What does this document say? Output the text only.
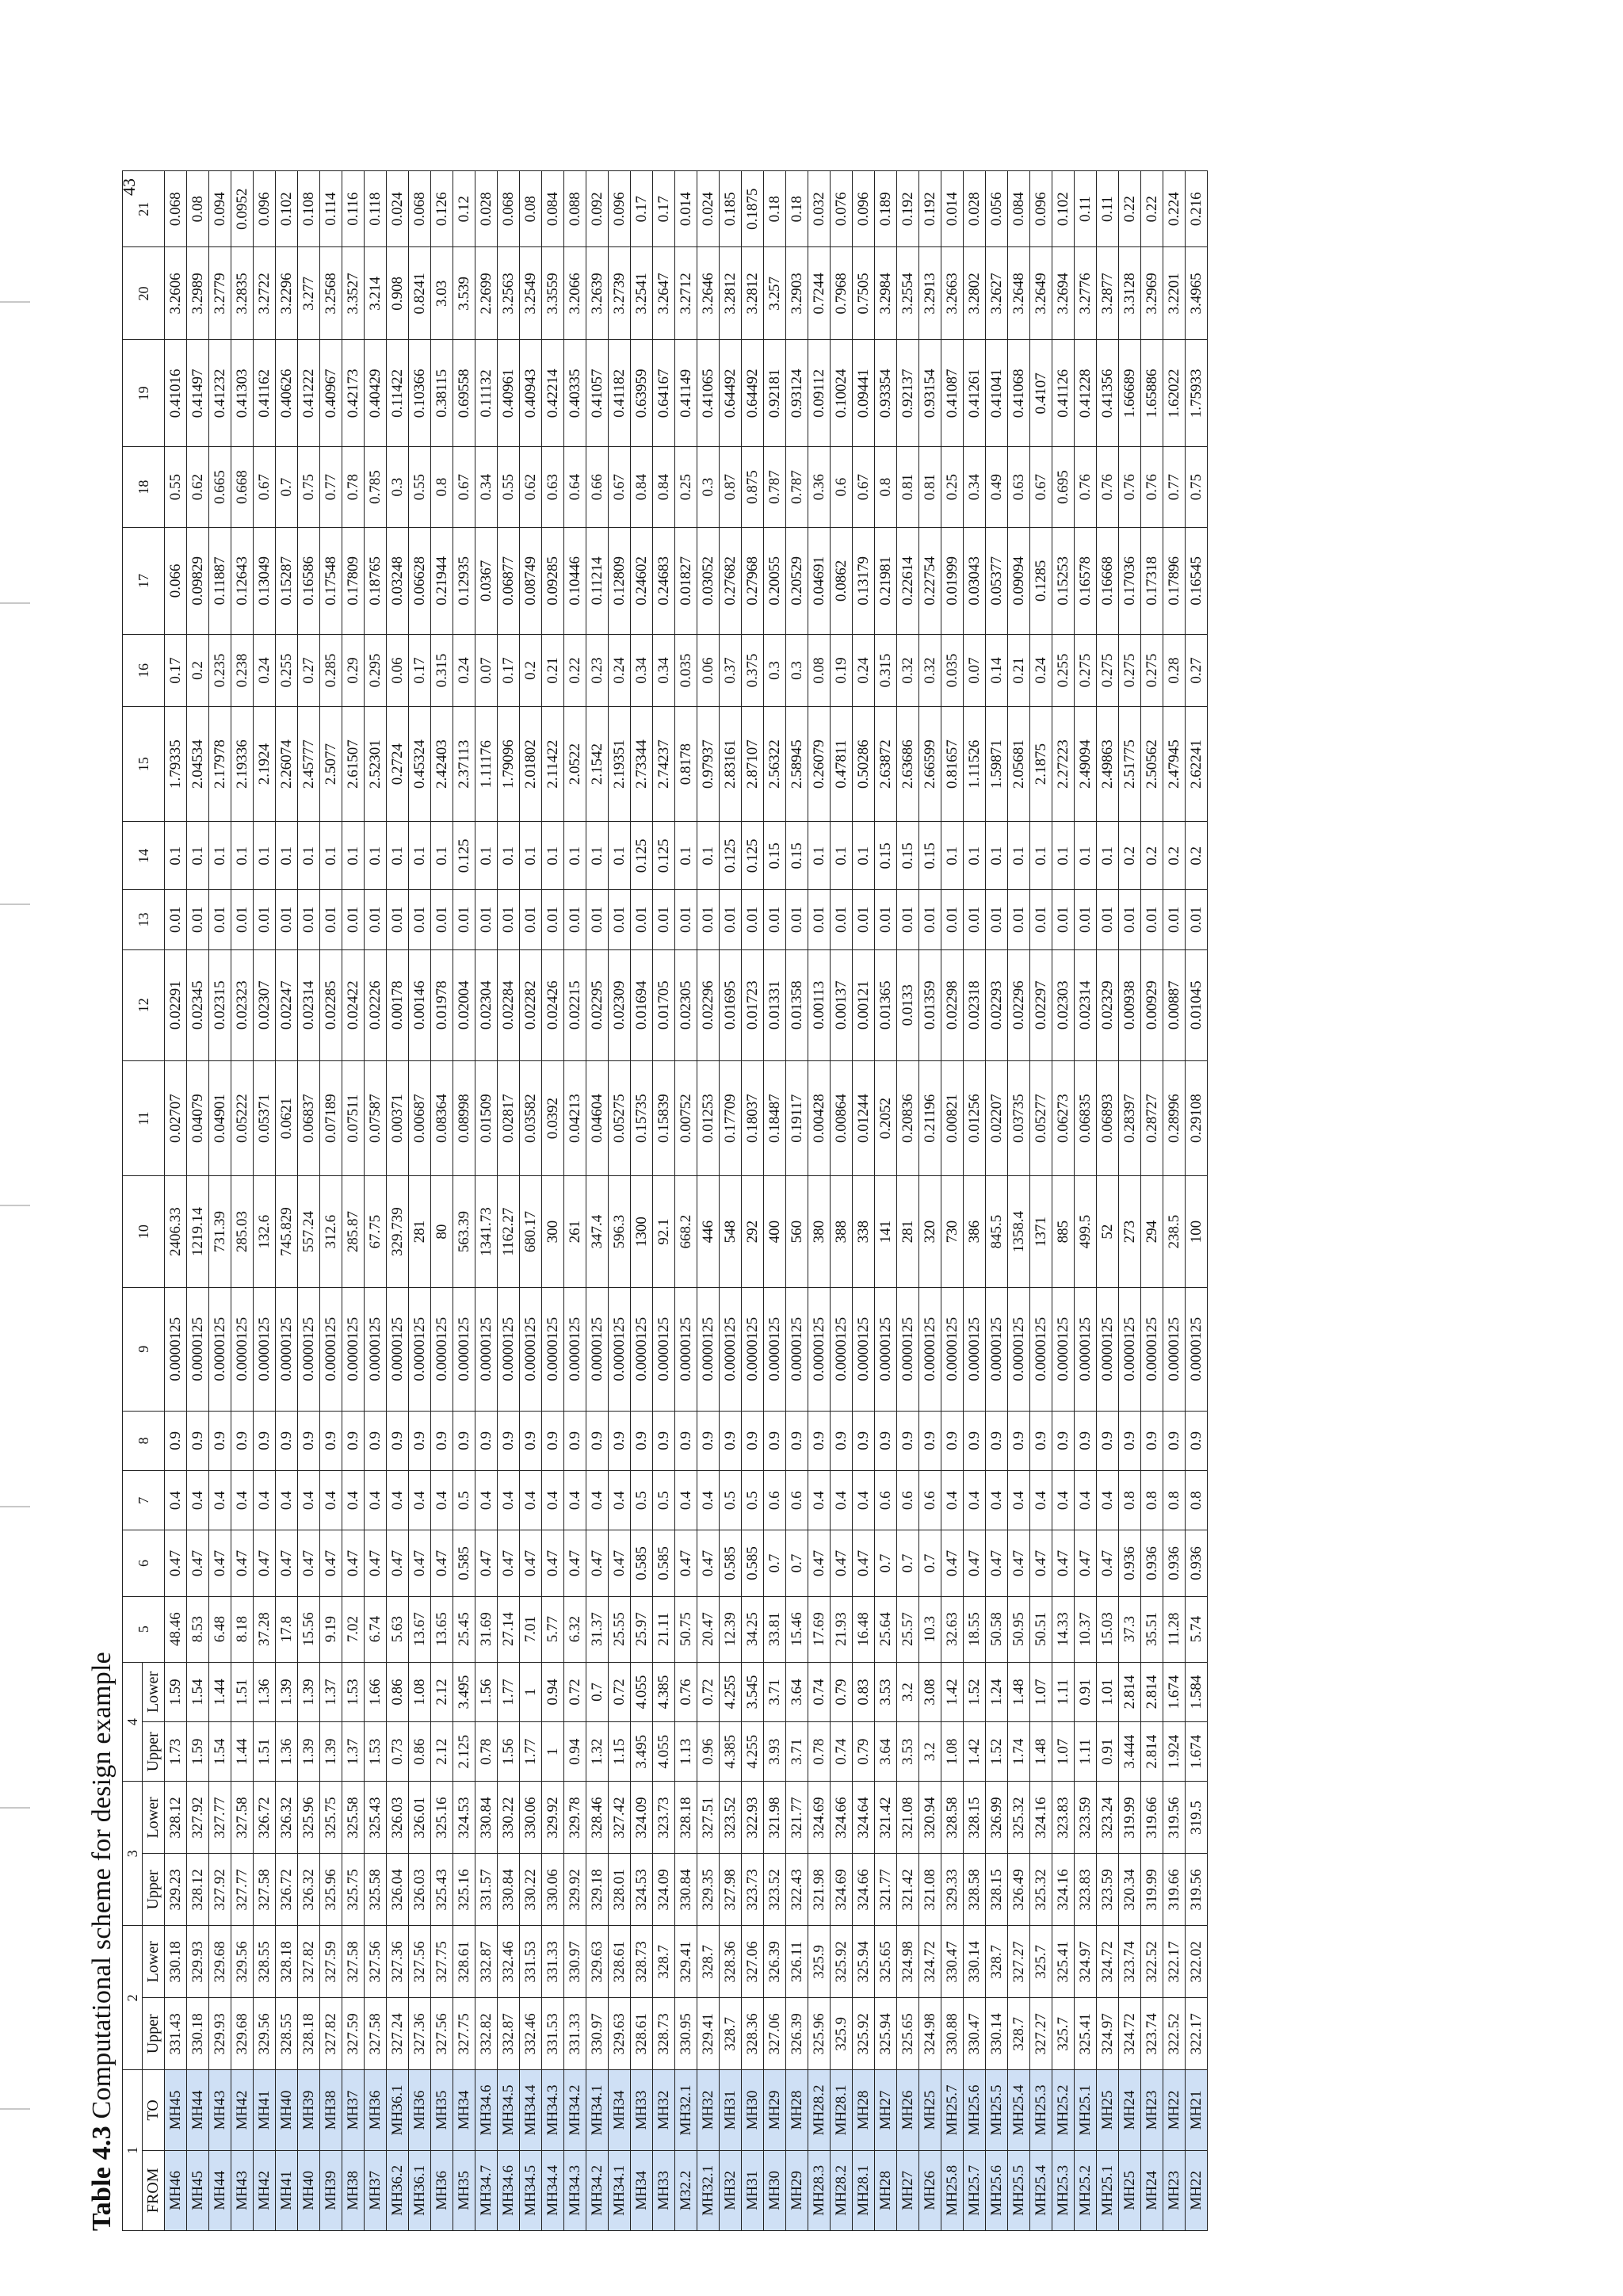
Table 4.3 Computational scheme for design example
1		2		3		4		5	6	7	8	9	10	11	12	13	14	15	16	17	18	19	20	21
FROM	TO	Upper	Lower	Upper	Lower	Upper	Lower																	
MH46	MH45	331.43	330.18	329.23	328.12	1.73	1.59	48.46	0.47	0.4	0.9	0.0000125	2406.33	0.02707	0.02291	0.01	0.1	1.79335	0.17	0.066	0.55	0.41016	3.2606	0.068
MH45	MH44	330.18	329.93	328.12	327.92	1.59	1.54	8.53	0.47	0.4	0.9	0.0000125	1219.14	0.04079	0.02345	0.01	0.1	2.04534	0.2	0.09829	0.62	0.41497	3.2989	0.08
MH44	MH43	329.93	329.68	327.92	327.77	1.54	1.44	6.48	0.47	0.4	0.9	0.0000125	731.39	0.04901	0.02315	0.01	0.1	2.17978	0.235	0.11887	0.665	0.41232	3.2779	0.094
MH43	MH42	329.68	329.56	327.77	327.58	1.44	1.51	8.18	0.47	0.4	0.9	0.0000125	285.03	0.05222	0.02323	0.01	0.1	2.19336	0.238	0.12643	0.668	0.41303	3.2835	0.0952
MH42	MH41	329.56	328.55	327.58	326.72	1.51	1.36	37.28	0.47	0.4	0.9	0.0000125	132.6	0.05371	0.02307	0.01	0.1	2.1924	0.24	0.13049	0.67	0.41162	3.2722	0.096
MH41	MH40	328.55	328.18	326.72	326.32	1.36	1.39	17.8	0.47	0.4	0.9	0.0000125	745.829	0.0621	0.02247	0.01	0.1	2.26074	0.255	0.15287	0.7	0.40626	3.2296	0.102
MH40	MH39	328.18	327.82	326.32	325.96	1.39	1.39	15.56	0.47	0.4	0.9	0.0000125	557.24	0.06837	0.02314	0.01	0.1	2.45777	0.27	0.16586	0.75	0.41222	3.277	0.108
MH39	MH38	327.82	327.59	325.96	325.75	1.39	1.37	9.19	0.47	0.4	0.9	0.0000125	312.6	0.07189	0.02285	0.01	0.1	2.5077	0.285	0.17548	0.77	0.40967	3.2568	0.114
MH38	MH37	327.59	327.58	325.75	325.58	1.37	1.53	7.02	0.47	0.4	0.9	0.0000125	285.87	0.07511	0.02422	0.01	0.1	2.61507	0.29	0.17809	0.78	0.42173	3.3527	0.116
MH37	MH36	327.58	327.56	325.58	325.43	1.53	1.66	6.74	0.47	0.4	0.9	0.0000125	67.75	0.07587	0.02226	0.01	0.1	2.52301	0.295	0.18765	0.785	0.40429	3.214	0.118
MH36.2	MH36.1	327.24	327.36	326.04	326.03	0.73	0.86	5.63	0.47	0.4	0.9	0.0000125	329.739	0.00371	0.00178	0.01	0.1	0.2724	0.06	0.03248	0.3	0.11422	0.908	0.024
MH36.1	MH36	327.36	327.56	326.03	326.01	0.86	1.08	13.67	0.47	0.4	0.9	0.0000125	281	0.00687	0.00146	0.01	0.1	0.45324	0.17	0.06628	0.55	0.10366	0.8241	0.068
MH36	MH35	327.56	327.75	325.43	325.16	2.12	2.12	13.65	0.47	0.4	0.9	0.0000125	80	0.08364	0.01978	0.01	0.1	2.42403	0.315	0.21944	0.8	0.38115	3.03	0.126
MH35	MH34	327.75	328.61	325.16	324.53	2.125	3.495	25.45	0.585	0.5	0.9	0.0000125	563.39	0.08998	0.02004	0.01	0.125	2.37113	0.24	0.12935	0.67	0.69558	3.539	0.12
MH34.7	MH34.6	332.82	332.87	331.57	330.84	0.78	1.56	31.69	0.47	0.4	0.9	0.0000125	1341.73	0.01509	0.02304	0.01	0.1	1.11176	0.07	0.0367	0.34	0.11132	2.2699	0.028
MH34.6	MH34.5	332.87	332.46	330.84	330.22	1.56	1.77	27.14	0.47	0.4	0.9	0.0000125	1162.27	0.02817	0.02284	0.01	0.1	1.79096	0.17	0.06877	0.55	0.40961	3.2563	0.068
MH34.5	MH34.4	332.46	331.53	330.22	330.06	1.77	1	7.01	0.47	0.4	0.9	0.0000125	680.17	0.03582	0.02282	0.01	0.1	2.01802	0.2	0.08749	0.62	0.40943	3.2549	0.08
MH34.4	MH34.3	331.53	331.33	330.06	329.92	1	0.94	5.77	0.47	0.4	0.9	0.0000125	300	0.0392	0.02426	0.01	0.1	2.11422	0.21	0.09285	0.63	0.42214	3.3559	0.084
MH34.3	MH34.2	331.33	330.97	329.92	329.78	0.94	0.72	6.32	0.47	0.4	0.9	0.0000125	261	0.04213	0.02215	0.01	0.1	2.0522	0.22	0.10446	0.64	0.40335	3.2066	0.088
MH34.2	MH34.1	330.97	329.63	329.18	328.46	1.32	0.7	31.37	0.47	0.4	0.9	0.0000125	347.4	0.04604	0.02295	0.01	0.1	2.1542	0.23	0.11214	0.66	0.41057	3.2639	0.092
MH34.1	MH34	329.63	328.61	328.01	327.42	1.15	0.72	25.55	0.47	0.4	0.9	0.0000125	596.3	0.05275	0.02309	0.01	0.1	2.19351	0.24	0.12809	0.67	0.41182	3.2739	0.096
MH34	MH33	328.61	328.73	324.53	324.09	3.495	4.055	25.97	0.585	0.5	0.9	0.0000125	1300	0.15735	0.01694	0.01	0.125	2.73344	0.34	0.24602	0.84	0.63959	3.2541	0.17
MH33	MH32	328.73	328.7	324.09	323.73	4.055	4.385	21.11	0.585	0.5	0.9	0.0000125	92.1	0.15839	0.01705	0.01	0.125	2.74237	0.34	0.24683	0.84	0.64167	3.2647	0.17
M32.2	MH32.1	330.95	329.41	330.84	328.18	1.13	0.76	50.75	0.47	0.4	0.9	0.0000125	668.2	0.00752	0.02305	0.01	0.1	0.8178	0.035	0.01827	0.25	0.41149	3.2712	0.014
MH32.1	MH32	329.41	328.7	329.35	327.51	0.96	0.72	20.47	0.47	0.4	0.9	0.0000125	446	0.01253	0.02296	0.01	0.1	0.97937	0.06	0.03052	0.3	0.41065	3.2646	0.024
MH32	MH31	328.7	328.36	327.98	323.52	4.385	4.255	12.39	0.585	0.5	0.9	0.0000125	548	0.17709	0.01695	0.01	0.125	2.83161	0.37	0.27682	0.87	0.64492	3.2812	0.185
MH31	MH30	328.36	327.06	323.73	322.93	4.255	3.545	34.25	0.585	0.5	0.9	0.0000125	292	0.18037	0.01723	0.01	0.125	2.87107	0.375	0.27968	0.875	0.64492	3.2812	0.1875
MH30	MH29	327.06	326.39	323.52	321.98	3.93	3.71	33.81	0.7	0.6	0.9	0.0000125	400	0.18487	0.01331	0.01	0.15	2.56322	0.3	0.20055	0.787	0.92181	3.257	0.18
MH29	MH28	326.39	326.11	322.43	321.77	3.71	3.64	15.46	0.7	0.6	0.9	0.0000125	560	0.19117	0.01358	0.01	0.15	2.58945	0.3	0.20529	0.787	0.93124	3.2903	0.18
MH28.3	MH28.2	325.96	325.9	321.98	324.69	0.78	0.74	17.69	0.47	0.4	0.9	0.0000125	380	0.00428	0.00113	0.01	0.1	0.26079	0.08	0.04691	0.36	0.09112	0.7244	0.032
MH28.2	MH28.1	325.9	325.92	324.69	324.66	0.74	0.79	21.93	0.47	0.4	0.9	0.0000125	388	0.00864	0.00137	0.01	0.1	0.47811	0.19	0.0862	0.6	0.10024	0.7968	0.076
MH28.1	MH28	325.92	325.94	324.66	324.64	0.79	0.83	16.48	0.47	0.4	0.9	0.0000125	338	0.01244	0.00121	0.01	0.1	0.50286	0.24	0.13179	0.67	0.09441	0.7505	0.096
MH28	MH27	325.94	325.65	321.77	321.42	3.64	3.53	25.64	0.7	0.6	0.9	0.0000125	141	0.2052	0.01365	0.01	0.15	2.63872	0.315	0.21981	0.8	0.93354	3.2984	0.189
MH27	MH26	325.65	324.98	321.42	321.08	3.53	3.2	25.57	0.7	0.6	0.9	0.0000125	281	0.20836	0.0133	0.01	0.15	2.63686	0.32	0.22614	0.81	0.92137	3.2554	0.192
MH26	MH25	324.98	324.72	321.08	320.94	3.2	3.08	10.3	0.7	0.6	0.9	0.0000125	320	0.21196	0.01359	0.01	0.15	2.66599	0.32	0.22754	0.81	0.93154	3.2913	0.192
MH25.8	MH25.7	330.88	330.47	329.33	328.58	1.08	1.42	32.63	0.47	0.4	0.9	0.0000125	730	0.00821	0.02298	0.01	0.1	0.81657	0.035	0.01999	0.25	0.41087	3.2663	0.014
MH25.7	MH25.6	330.47	330.14	328.58	328.15	1.42	1.52	18.55	0.47	0.4	0.9	0.0000125	386	0.01256	0.02318	0.01	0.1	1.11526	0.07	0.03043	0.34	0.41261	3.2802	0.028
MH25.6	MH25.5	330.14	328.7	328.15	326.99	1.52	1.24	50.58	0.47	0.4	0.9	0.0000125	845.5	0.02207	0.02293	0.01	0.1	1.59871	0.14	0.05377	0.49	0.41041	3.2627	0.056
MH25.5	MH25.4	328.7	327.27	326.49	325.32	1.74	1.48	50.95	0.47	0.4	0.9	0.0000125	1358.4	0.03735	0.02296	0.01	0.1	2.05681	0.21	0.09094	0.63	0.41068	3.2648	0.084
MH25.4	MH25.3	327.27	325.7	325.32	324.16	1.48	1.07	50.51	0.47	0.4	0.9	0.0000125	1371	0.05277	0.02297	0.01	0.1	2.1875	0.24	0.1285	0.67	0.4107	3.2649	0.096
MH25.3	MH25.2	325.7	325.41	324.16	323.83	1.07	1.11	14.33	0.47	0.4	0.9	0.0000125	885	0.06273	0.02303	0.01	0.1	2.27223	0.255	0.15253	0.695	0.41126	3.2694	0.102
MH25.2	MH25.1	325.41	324.97	323.83	323.59	1.11	0.91	10.37	0.47	0.4	0.9	0.0000125	499.5	0.06835	0.02314	0.01	0.1	2.49094	0.275	0.16578	0.76	0.41228	3.2776	0.11
MH25.1	MH25	324.97	324.72	323.59	323.24	0.91	1.01	15.03	0.47	0.4	0.9	0.0000125	52	0.06893	0.02329	0.01	0.1	2.49863	0.275	0.16668	0.76	0.41356	3.2877	0.11
MH25	MH24	324.72	323.74	320.34	319.99	3.444	2.814	37.3	0.936	0.8	0.9	0.0000125	273	0.28397	0.00938	0.01	0.2	2.51775	0.275	0.17036	0.76	1.66689	3.3128	0.22
MH24	MH23	323.74	322.52	319.99	319.66	2.814	2.814	35.51	0.936	0.8	0.9	0.0000125	294	0.28727	0.00929	0.01	0.2	2.50562	0.275	0.17318	0.76	1.65886	3.2969	0.22
MH23	MH22	322.52	322.17	319.66	319.56	1.924	1.674	11.28	0.936	0.8	0.9	0.0000125	238.5	0.28996	0.00887	0.01	0.2	2.47945	0.28	0.17896	0.77	1.62022	3.2201	0.224
MH22	MH21	322.17	322.02	319.56	319.5	1.674	1.584	5.74	0.936	0.8	0.9	0.0000125	100	0.29108	0.01045	0.01	0.2	2.62241	0.27	0.16545	0.75	1.75933	3.4965	0.216
43
